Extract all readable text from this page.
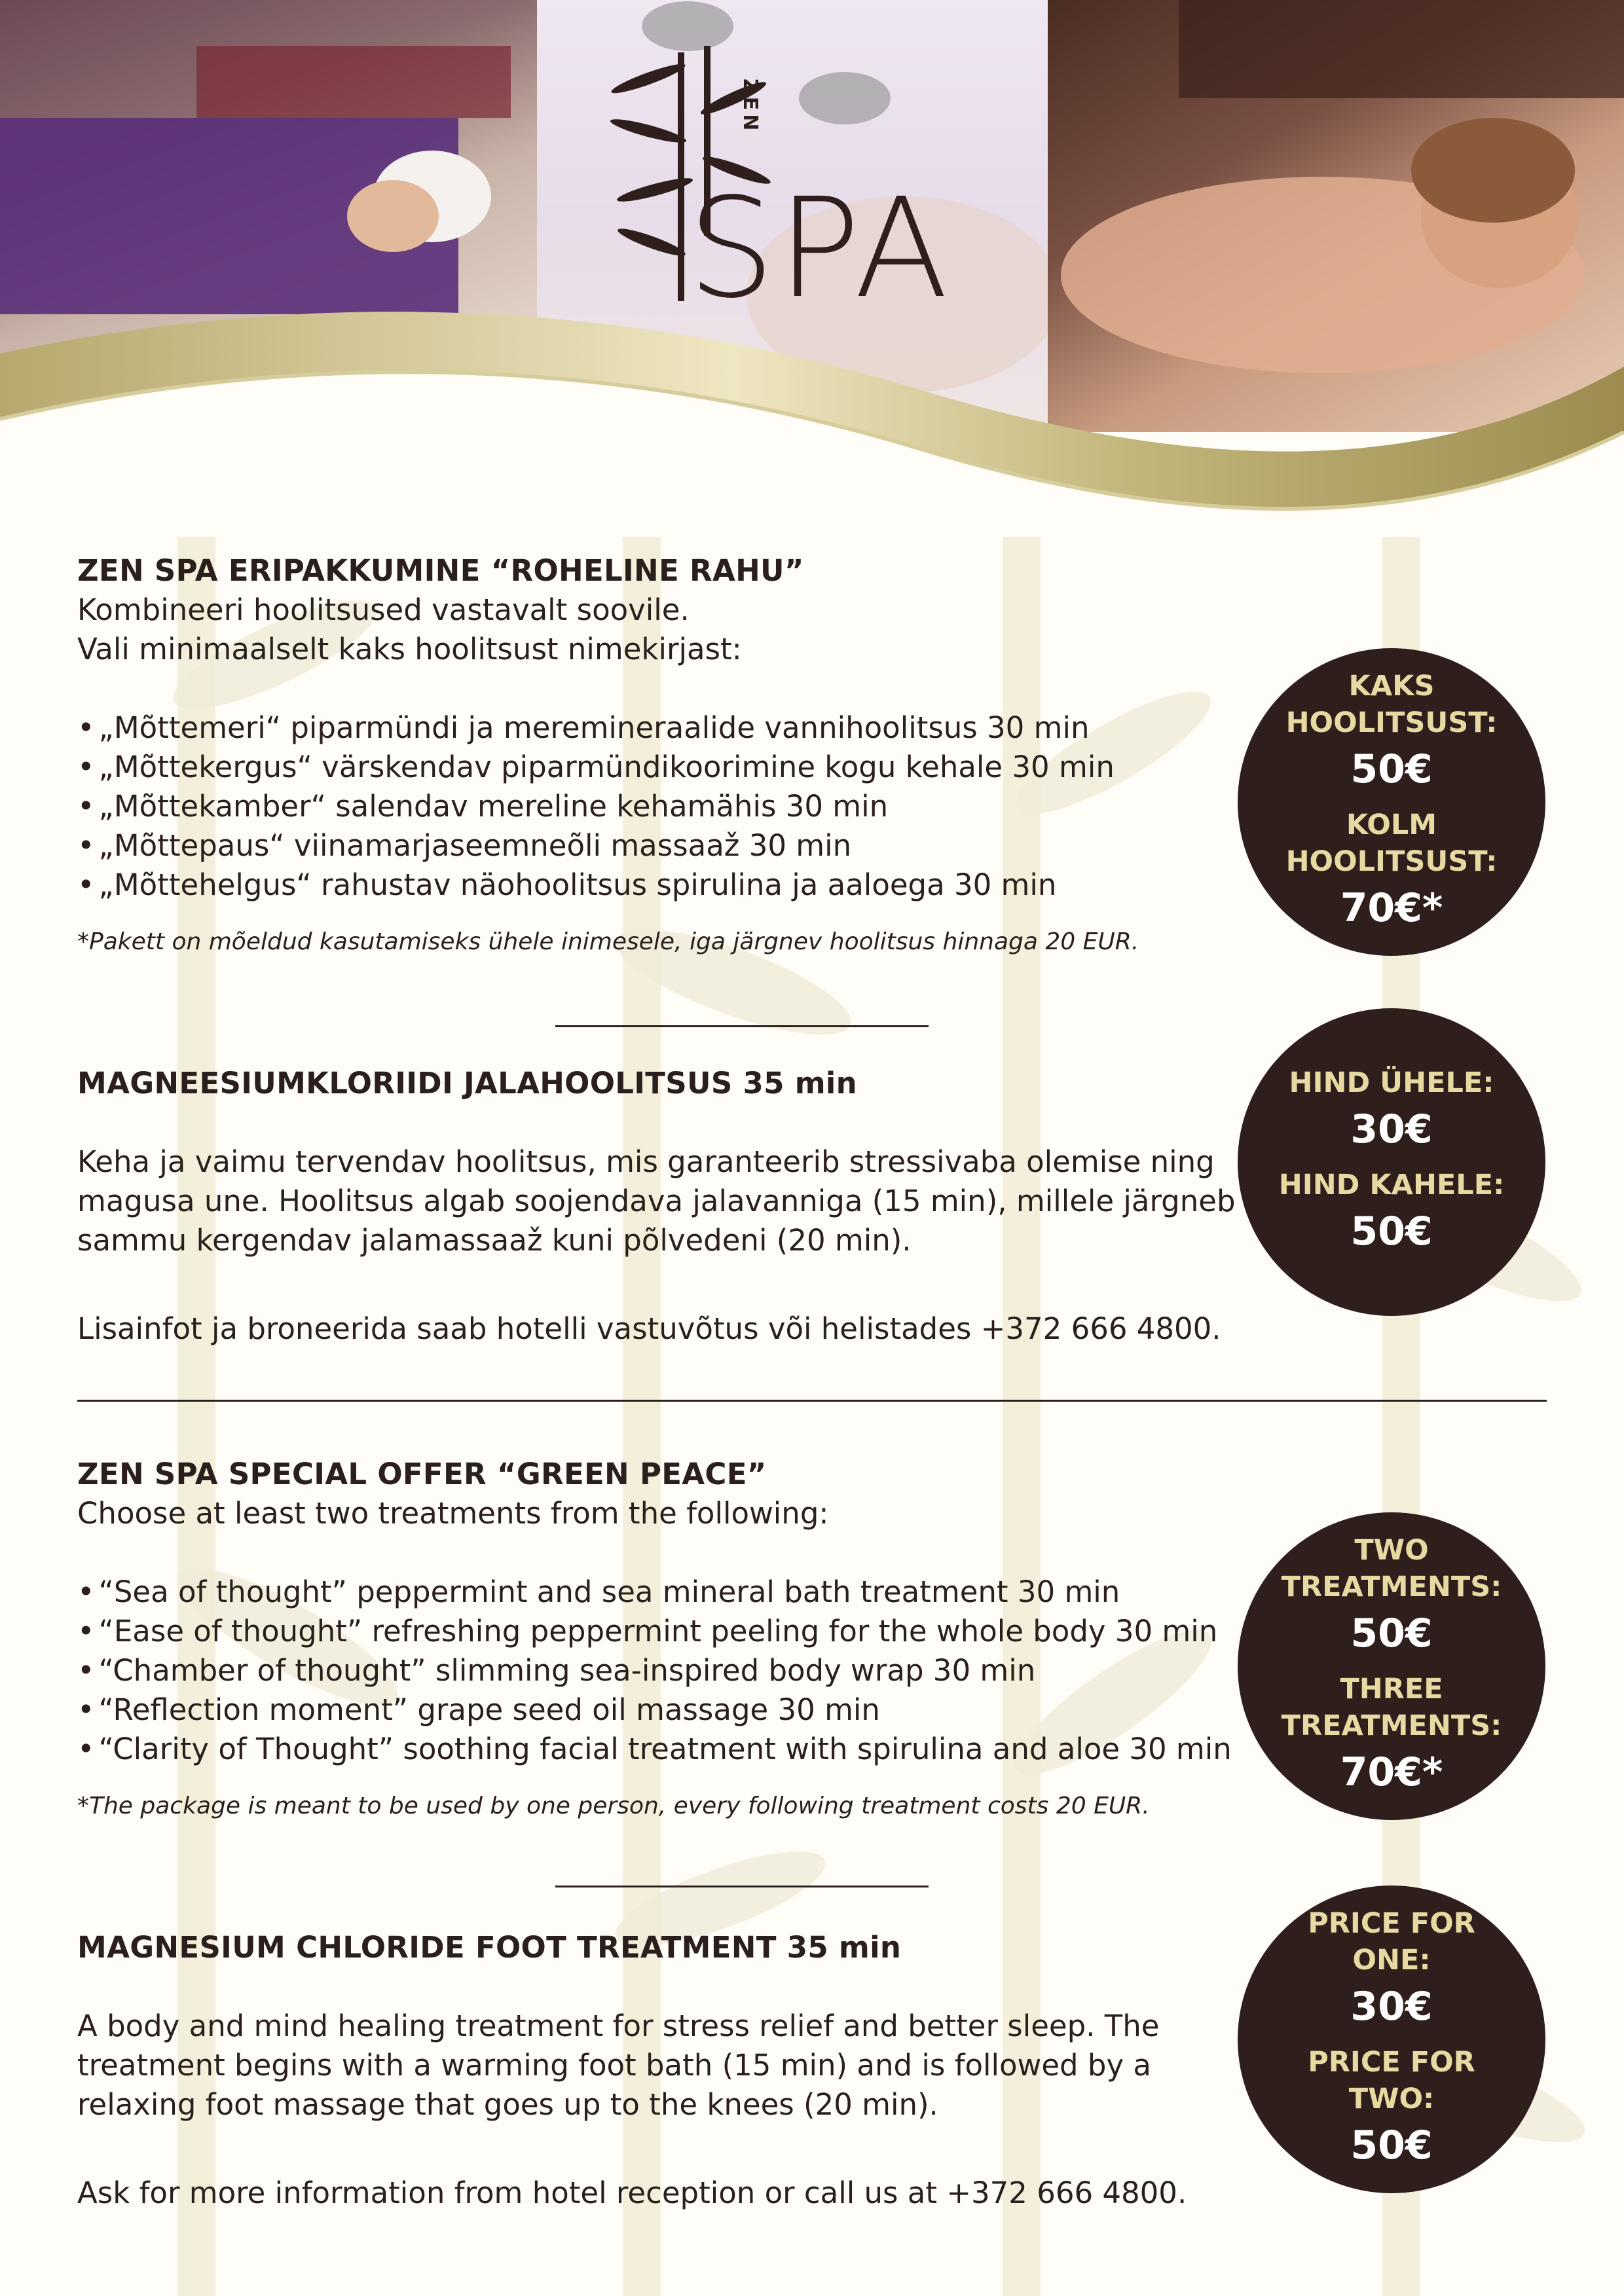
ZEN
SPA

ZEN SPA ERIPAKKUMINE “ROHELINE RAHU”

Kombineeri hoolitsused vastavalt soovile.

Vali minimaalselt kaks hoolitsust nimekirjast:

• „Mõttemeri“ piparmündi ja meremineraalide vannihoolitsus 30 min
• „Mõttekergus“ värskendav piparmündikoorimine kogu kehale 30 min
• „Mõttekamber“ salendav mereline kehamähis 30 min
• „Mõttepaus“ viinamarjaseemneõli massaaž 30 min
• „Mõttehelgus“ rahustav näohoolitsus spirulina ja aaloega 30 min

*Pakett on mõeldud kasutamiseks ühele inimesele, iga järgnev hoolitsus hinnaga 20 EUR.

KAKS HOOLITSUST:

50€

KOLM HOOLITSUST:

70€*

MAGNEESIUMKLORIIDI JALAHOOLITSUS 35 min

Keha ja vaimu tervendav hoolitsus, mis garanteerib stressivaba olemise ning

magusa une. Hoolitsus algab soojendava jalavanniga (15 min), millele järgneb

sammu kergendav jalamassaaž kuni põlvedeni (20 min).

Lisainfot ja broneerida saab hotelli vastuvõtus või helistades +372 666 4800.

HIND ÜHELE:

30€

HIND KAHELE:

50€

ZEN SPA SPECIAL OFFER “GREEN PEACE”

Choose at least two treatments from the following:

• “Sea of thought” peppermint and sea mineral bath treatment 30 min
• “Ease of thought” refreshing peppermint peeling for the whole body 30 min
• “Chamber of thought” slimming sea-inspired body wrap 30 min
• “Reflection moment” grape seed oil massage 30 min
• “Clarity of Thought” soothing facial treatment with spirulina and aloe 30 min

*The package is meant to be used by one person, every following treatment costs 20 EUR.

TWO TREATMENTS:

50€

THREE TREATMENTS:

70€*

MAGNESIUM CHLORIDE FOOT TREATMENT 35 min

A body and mind healing treatment for stress relief and better sleep. The

treatment begins with a warming foot bath (15 min) and is followed by a

relaxing foot massage that goes up to the knees (20 min).

Ask for more information from hotel reception or call us at +372 666 4800.

PRICE FOR ONE:

30€

PRICE FOR TWO:

50€
